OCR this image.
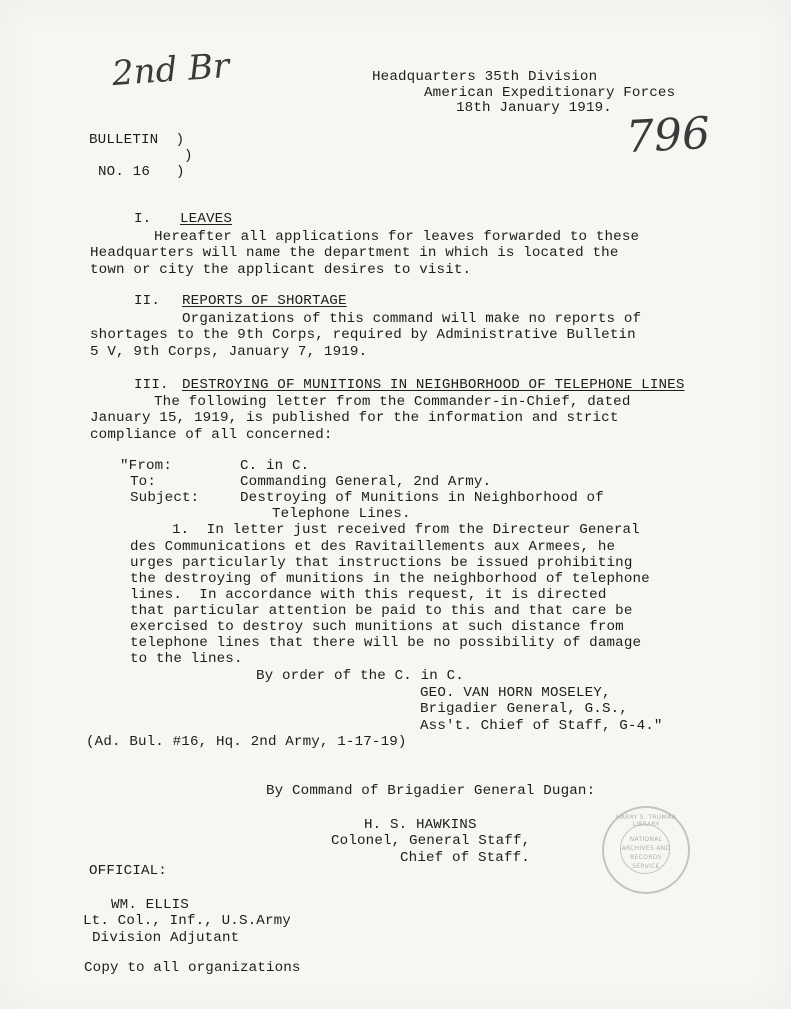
2nd Br
796
Headquarters 35th Division
American Expeditionary Forces
18th January 1919.
BULLETIN  )
)
NO. 16   )
I. LEAVES
Hereafter all applications for leaves forwarded to these
Headquarters will name the department in which is located the
town or city the applicant desires to visit.
II. REPORTS OF SHORTAGE
Organizations of this command will make no reports of
shortages to the 9th Corps, required by Administrative Bulletin
5 V, 9th Corps, January 7, 1919.
III. DESTROYING OF MUNITIONS IN NEIGHBORHOOD OF TELEPHONE LINES
The following letter from the Commander-in-Chief, dated
January 15, 1919, is published for the information and strict
compliance of all concerned:
"From:	C. in C.
To:	Commanding General, 2nd Army.
Subject:	Destroying of Munitions in Neighborhood of
Telephone Lines.
1.  In letter just received from the Directeur General
des Communications et des Ravitaillements aux Armees, he
urges particularly that instructions be issued prohibiting
the destroying of munitions in the neighborhood of telephone
lines.  In accordance with this request, it is directed
that particular attention be paid to this and that care be
exercised to destroy such munitions at such distance from
telephone lines that there will be no possibility of damage
to the lines.
By order of the C. in C.
GEO. VAN HORN MOSELEY,
Brigadier General, G.S.,
Ass't. Chief of Staff, G-4."
(Ad. Bul. #16, Hq. 2nd Army, 1-17-19)
By Command of Brigadier General Dugan:
H. S. HAWKINS
Colonel, General Staff,
Chief of Staff.
OFFICIAL:
WM. ELLIS
Lt. Col., Inf., U.S.Army
Division Adjutant
Copy to all organizations
HARRY S. TRUMAN LIBRARY
NATIONAL
ARCHIVES AND
RECORDS
SERVICE
